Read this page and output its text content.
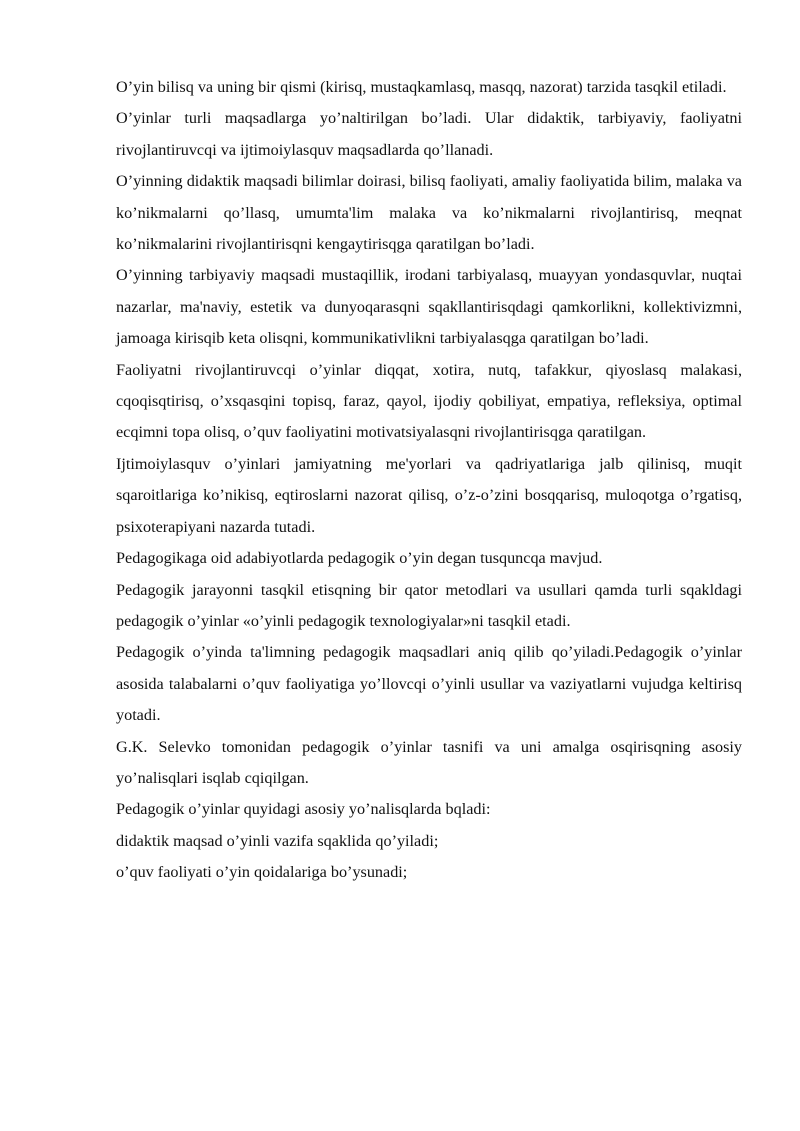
O’yin bilisq va uning bir qismi (kirisq, mustaqkamlasq, masqq, nazorat) tarzida tasqkil etiladi.

O’yinlar turli maqsadlarga yo’naltirilgan bo’ladi. Ular didaktik, tarbiyaviy, faoliyatni rivojlantiruvcqi va ijtimoiylasquv maqsadlarda qo’llanadi.

O’yinning didaktik maqsadi bilimlar doirasi, bilisq faoliyati, amaliy faoliyatida bilim, malaka va ko’nikmalarni qo’llasq, umumta'lim malaka va ko’nikmalarni rivojlantirisq, meqnat ko’nikmalarini rivojlantirisqni kengaytirisqga qaratilgan bo’ladi.

O’yinning tarbiyaviy maqsadi mustaqillik, irodani tarbiyalasq, muayyan yondasquvlar, nuqtai nazarlar, ma'naviy, estetik va dunyoqarasqni sqakllantirisqdagi qamkorlikni, kollektivizmni, jamoaga kirisqib keta olisqni, kommunikativlikni tarbiyalasqga qaratilgan bo’ladi.

Faoliyatni rivojlantiruvcqi o’yinlar diqqat, xotira, nutq, tafakkur, qiyoslasq malakasi, cqoqisqtirisq, o’xsqasqini topisq, faraz, qayol, ijodiy qobiliyat, empatiya, refleksiya, optimal ecqimni topa olisq, o’quv faoliyatini motivatsiyalasqni rivojlantirisqga qaratilgan.

Ijtimoiylasquv o’yinlari jamiyatning me'yorlari va qadriyatlariga jalb qilinisq, muqit sqaroitlariga ko’nikisq, eqtiroslarni nazorat qilisq, o’z-o’zini bosqqarisq, muloqotga o’rgatisq, psixoterapiyani nazarda tutadi.

Pedagogikaga oid adabiyotlarda pedagogik o’yin degan tusquncqa mavjud.

Pedagogik jarayonni tasqkil etisqning bir qator metodlari va usullari qamda turli sqakldagi pedagogik o’yinlar «o’yinli pedagogik texnologiyalar»ni tasqkil etadi.

Pedagogik o’yinda ta'limning pedagogik maqsadlari aniq qilib qo’yiladi.Pedagogik o’yinlar asosida talabalarni o’quv faoliyatiga yo’llovcqi o’yinli usullar va vaziyatlarni vujudga keltirisq yotadi.

G.K. Selevko tomonidan pedagogik o’yinlar tasnifi va uni amalga osqirisqning asosiy yo’nalisqlari isqlab cqiqilgan.

Pedagogik o’yinlar quyidagi asosiy yo’nalisqlarda bqladi:

didaktik maqsad o’yinli vazifa sqaklida qo’yiladi;

o’quv faoliyati o’yin qoidalariga bo’ysunadi;
